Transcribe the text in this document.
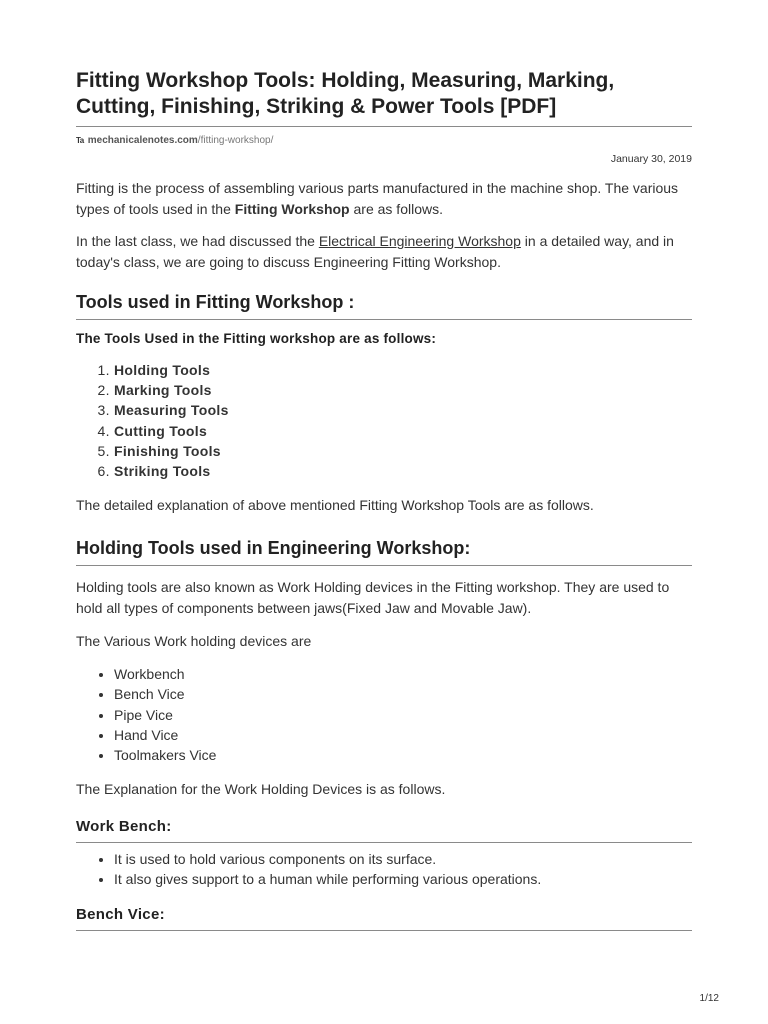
Fitting Workshop Tools: Holding, Measuring, Marking, Cutting, Finishing, Striking & Power Tools [PDF]
Ta mechanicalenotes.com /fitting-workshop/
January 30, 2019

Fitting is the process of assembling various parts manufactured in the machine shop. The various types of tools used in the Fitting Workshop are as follows.

In the last class, we had discussed the Electrical Engineering Workshop in a detailed way, and in today's class, we are going to discuss Engineering Fitting Workshop.

Tools used in Fitting Workshop :
The Tools Used in the Fitting workshop are as follows:
1. Holding Tools
2. Marking Tools
3. Measuring Tools
4. Cutting Tools
5. Finishing Tools
6. Striking Tools

The detailed explanation of above mentioned Fitting Workshop Tools are as follows.

Holding Tools used in Engineering Workshop:

Holding tools are also known as Work Holding devices in the Fitting workshop. They are used to hold all types of components between jaws(Fixed Jaw and Movable Jaw).

The Various Work holding devices are

• Workbench
• Bench Vice
• Pipe Vice
• Hand Vice
• Toolmakers Vice

The Explanation for the Work Holding Devices is as follows.

Work Bench:
• It is used to hold various components on its surface.
• It also gives support to a human while performing various operations.
Bench Vice:
1/12
